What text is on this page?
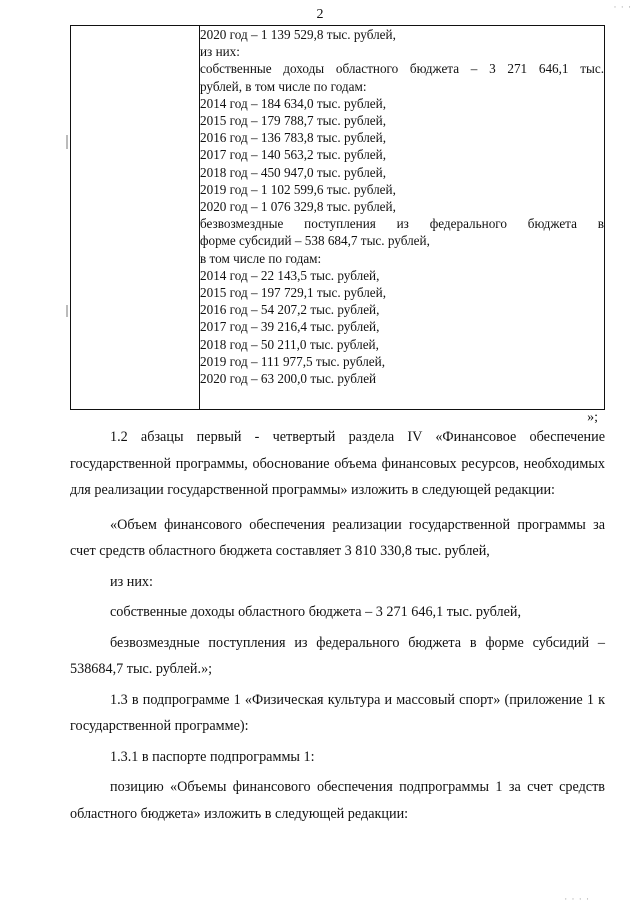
2

2020 год – 1 139 529,8 тыс. рублей,
из них:
собственные доходы областного бюджета – 3 271 646,1 тыс.
рублей, в том числе по годам:
2014 год – 184 634,0 тыс. рублей,
2015 год – 179 788,7 тыс. рублей,
2016 год – 136 783,8 тыс. рублей,
2017 год – 140 563,2 тыс. рублей,
2018 год – 450 947,0 тыс. рублей,
2019 год – 1 102 599,6 тыс. рублей,
2020 год – 1 076 329,8 тыс. рублей,
безвозмездные поступления из федерального бюджета в
форме субсидий – 538 684,7 тыс. рублей,
в том числе по годам:
2014 год – 22 143,5 тыс. рублей,
2015 год – 197 729,1 тыс. рублей,
2016 год – 54 207,2 тыс. рублей,
2017 год – 39 216,4 тыс. рублей,
2018 год – 50 211,0 тыс. рублей,
2019 год – 111 977,5 тыс. рублей,
2020 год – 63 200,0 тыс. рублей
»;

1.2 абзацы первый - четвертый раздела IV «Финансовое обеспечение государственной программы, обоснование объема финансовых ресурсов, необходимых для реализации государственной программы» изложить в следующей редакции:

«Объем финансового обеспечения реализации государственной программы за счет средств областного бюджета составляет 3 810 330,8 тыс. рублей,

из них:

собственные доходы областного бюджета – 3 271 646,1 тыс. рублей,

безвозмездные поступления из федерального бюджета в форме субсидий – 538684,7 тыс. рублей.»;

1.3 в подпрограмме 1 «Физическая культура и массовый спорт» (приложение 1 к государственной программе):

1.3.1 в паспорте подпрограммы 1:

позицию «Объемы финансового обеспечения подпрограммы 1 за счет средств областного бюджета» изложить в следующей редакции:

· · ·
· · · ·
